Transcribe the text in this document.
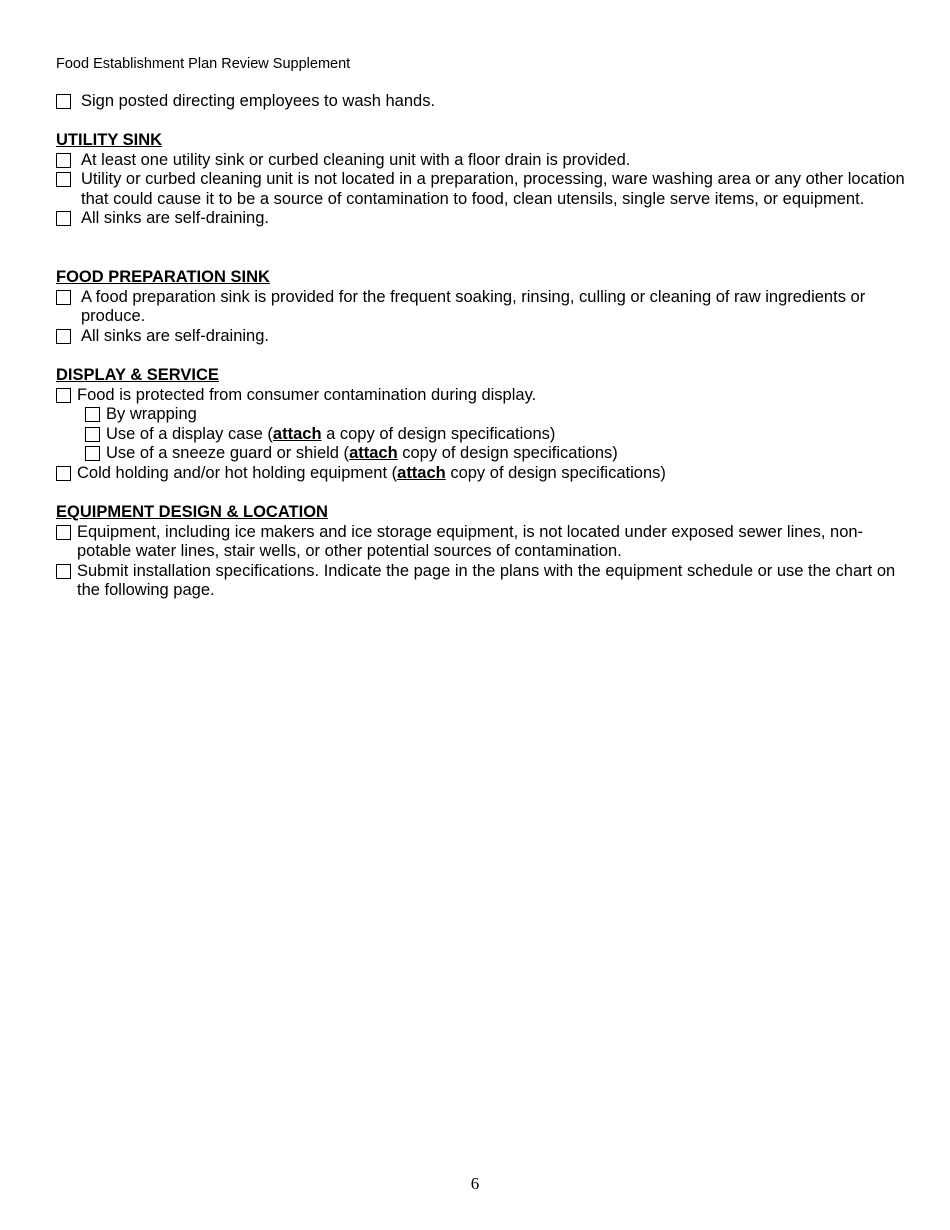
Food Establishment Plan Review Supplement
Sign posted directing employees to wash hands.
UTILITY SINK
At least one utility sink or curbed cleaning unit with a floor drain is provided.
Utility or curbed cleaning unit is not located in a preparation, processing, ware washing area or any other location that could cause it to be a source of contamination to food, clean utensils, single serve items, or equipment.
All sinks are self-draining.
FOOD PREPARATION SINK
A food preparation sink is provided for the frequent soaking, rinsing, culling or cleaning of raw ingredients or produce.
All sinks are self-draining.
DISPLAY & SERVICE
Food is protected from consumer contamination during display.
By wrapping
Use of a display case (attach a copy of design specifications)
Use of a sneeze guard or shield (attach copy of design specifications)
Cold holding and/or hot holding equipment (attach copy of design specifications)
EQUIPMENT DESIGN & LOCATION
Equipment, including ice makers and ice storage equipment, is not located under exposed sewer lines, non-potable water lines, stair wells, or other potential sources of contamination.
Submit installation specifications. Indicate the page in the plans with the equipment schedule or use the chart on the following page.
6
